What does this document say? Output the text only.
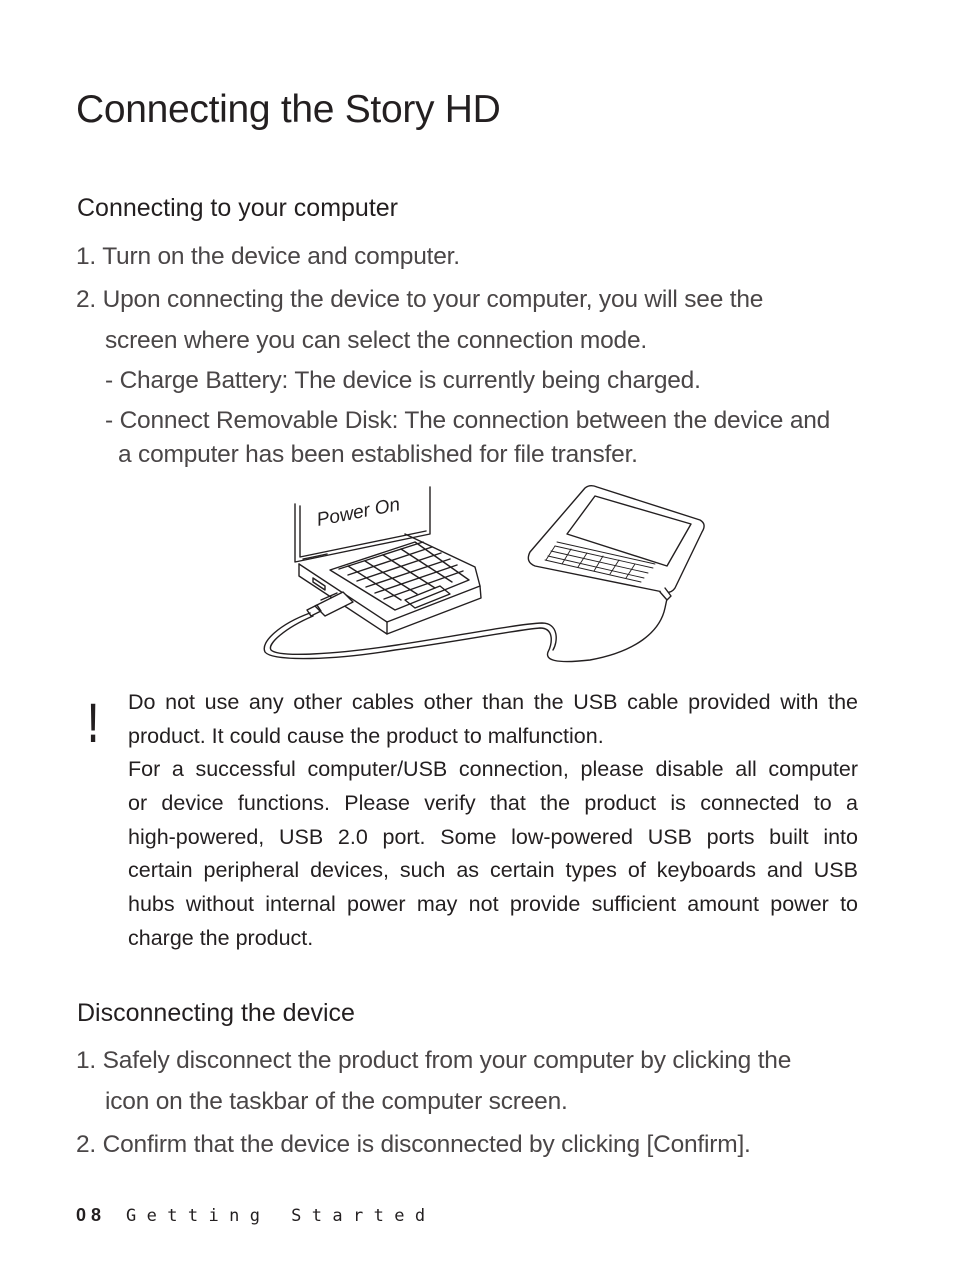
Connecting the Story HD
Connecting to your computer
1. Turn on the device and computer.
2. Upon connecting the device to your computer, you will see the
screen where you can select the connection mode.
- Charge Battery: The device is currently being charged.
- Connect Removable Disk: The connection between the device and
a computer has been established for file transfer.
Power On
! Do not use any other cables other than the USB cable provided with the
product. It could cause the product to malfunction.
For a successful computer/USB connection, please disable all computer
or device functions. Please verify that the product is connected to a
high-powered, USB 2.0 port. Some low-powered USB ports built into
certain peripheral devices, such as certain types of keyboards and USB
hubs without internal power may not provide sufficient amount power to
charge the product.
Disconnecting the device
1. Safely disconnect the product from your computer by clicking the
icon on the taskbar of the computer screen.
2. Confirm that the device is disconnected by clicking [Confirm].
08 Getting Started
